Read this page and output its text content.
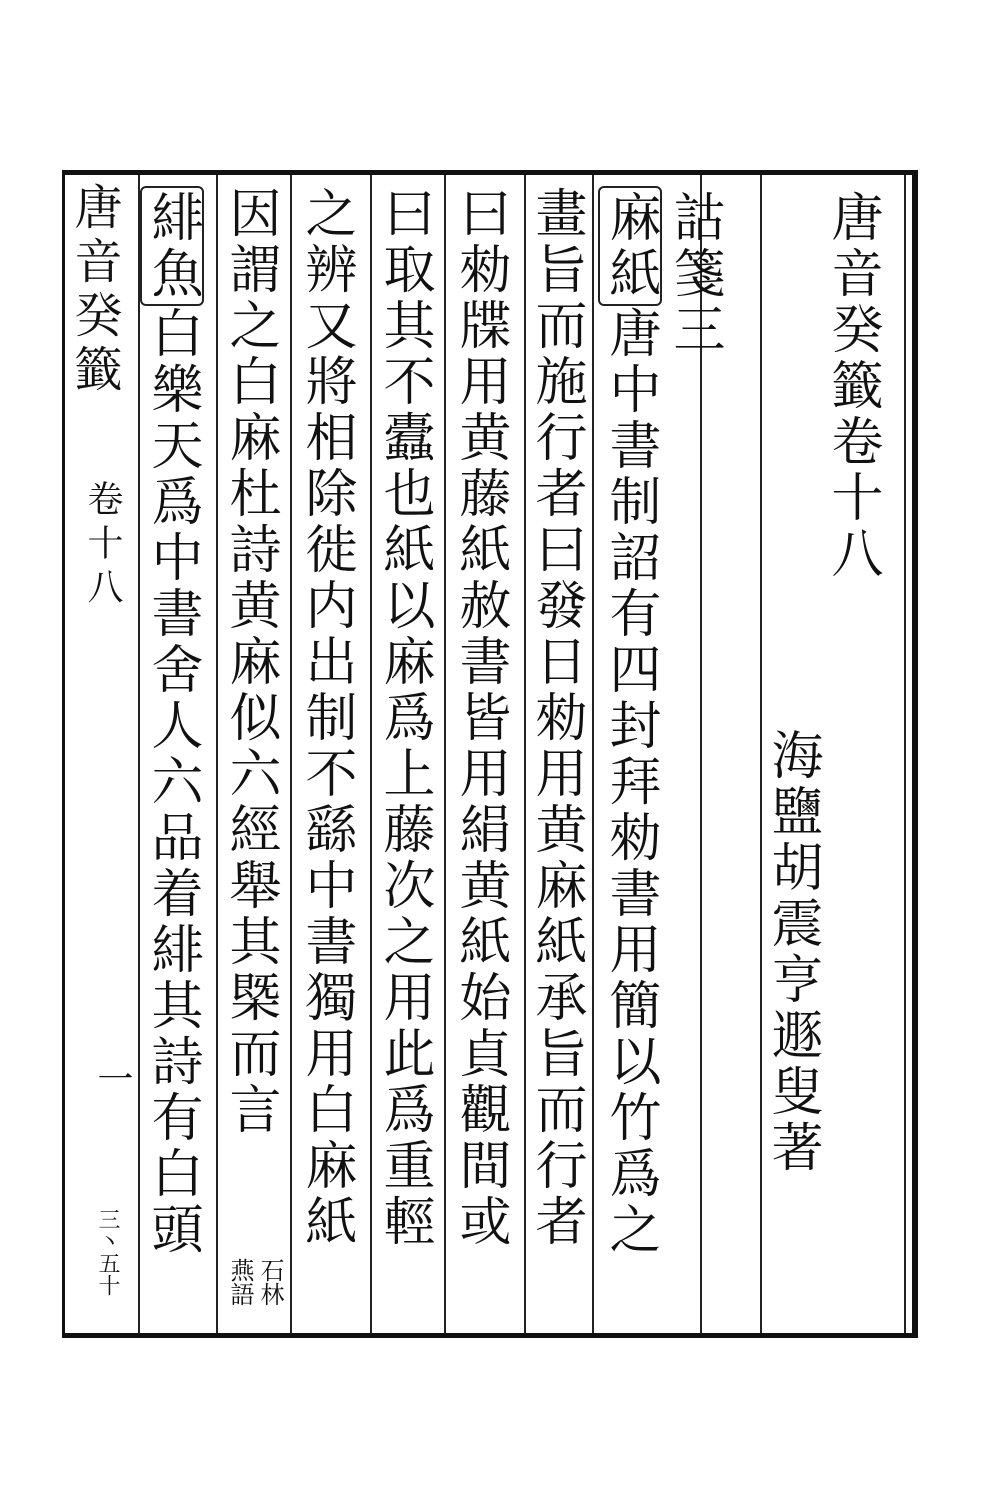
唐音癸籤卷十八
海鹽胡震亨遯叟著
詁箋三
麻紙唐中書制詔有四封拜勑書用簡以竹爲之
畫旨而施行者曰發日勑用黄麻紙承旨而行者
曰勑牒用黄藤紙赦書皆用絹黄紙始貞觀間或
曰取其不蠹也紙以麻爲上藤次之用此爲重輕
之辨又將相除徙内出制不繇中書獨用白麻紙
因謂之白麻杜詩黄麻似六經舉其槩而言
石林
燕語
緋魚白樂天爲中書舍人六品着緋其詩有白頭
唐音癸籤
卷十八
一
三丶五十
